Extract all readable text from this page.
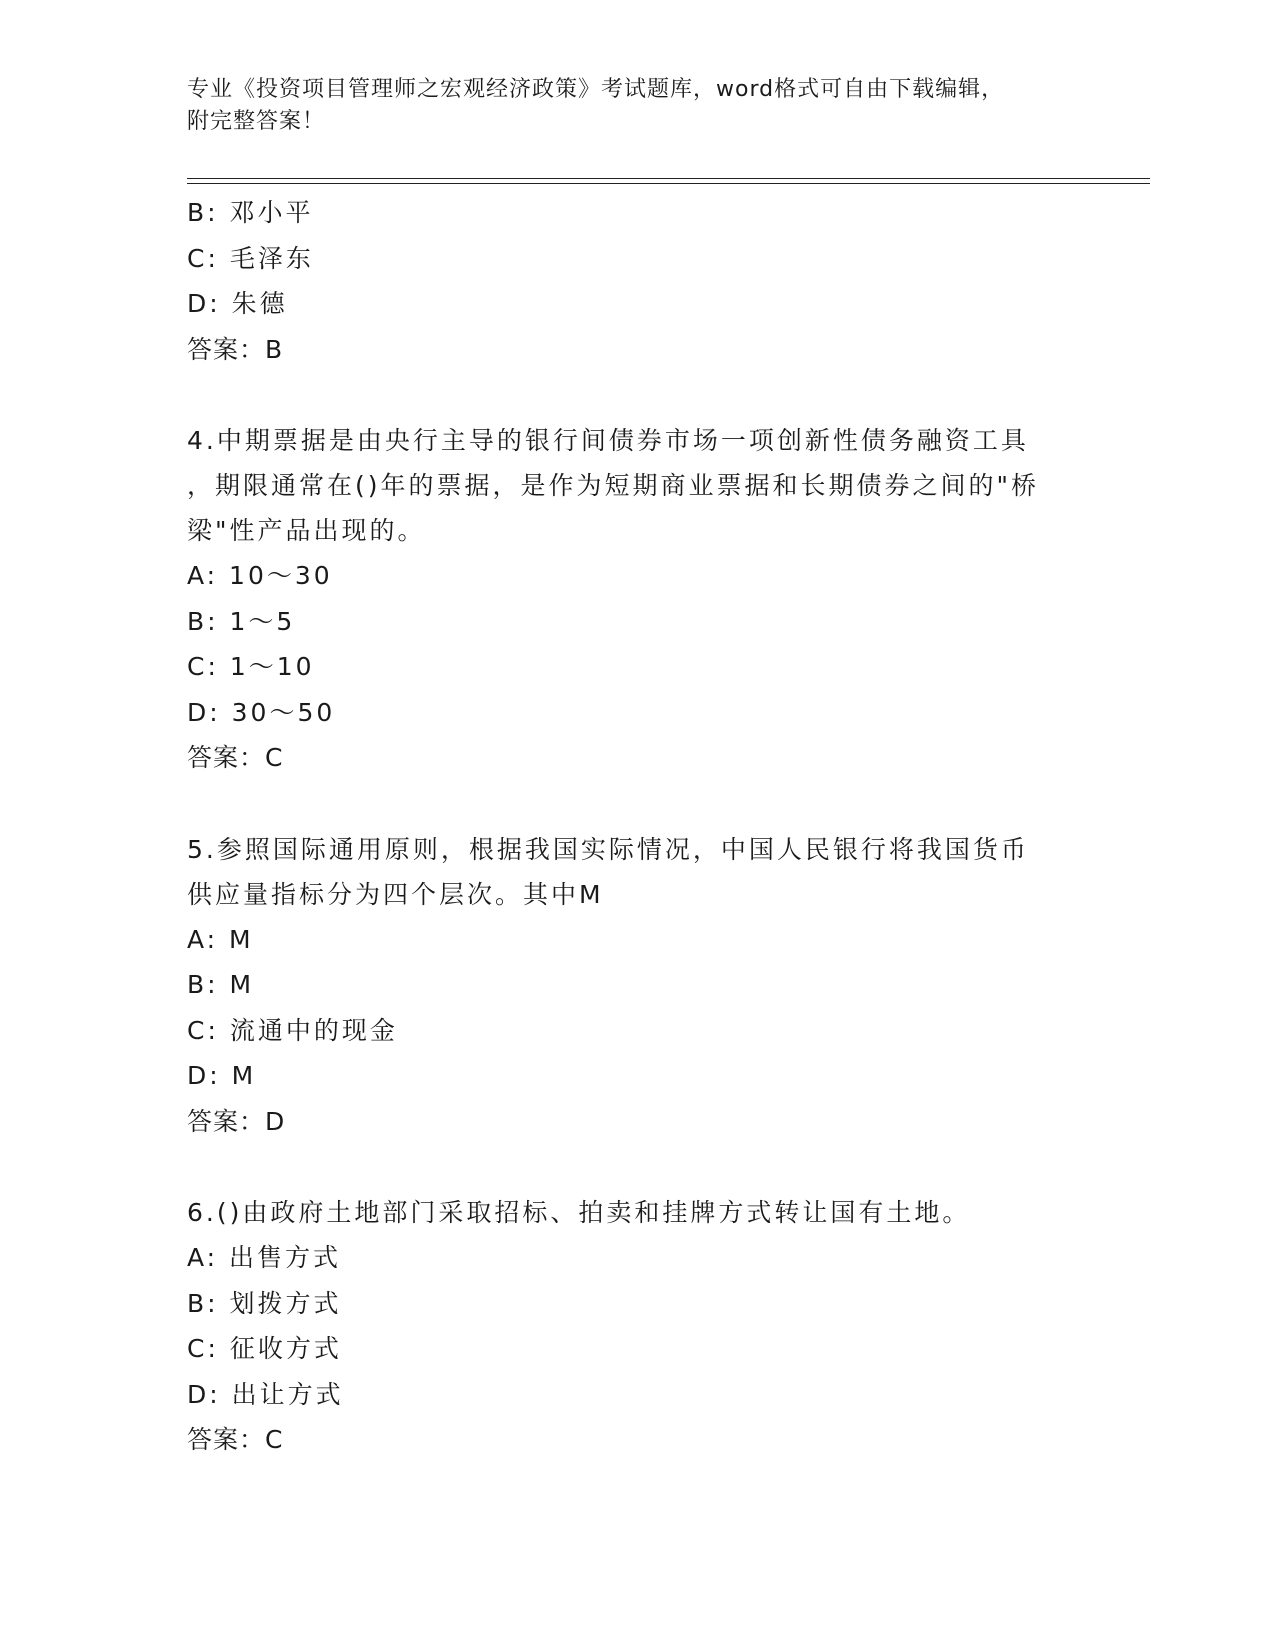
专业《投资项目管理师之宏观经济政策》考试题库，word格式可自由下载编辑，
附完整答案！
B: 邓小平
C: 毛泽东
D: 朱德
答案：B
4.中期票据是由央行主导的银行间债券市场一项创新性债务融资工具
，期限通常在()年的票据，是作为短期商业票据和长期债券之间的"桥
梁"性产品出现的。
A: 10～30
B: 1～5
C: 1～10
D: 30～50
答案：C
5.参照国际通用原则，根据我国实际情况，中国人民银行将我国货币
供应量指标分为四个层次。其中M
A: M
B: M
C: 流通中的现金
D: M
答案：D
6.()由政府土地部门采取招标、拍卖和挂牌方式转让国有土地。
A: 出售方式
B: 划拨方式
C: 征收方式
D: 出让方式
答案：C
